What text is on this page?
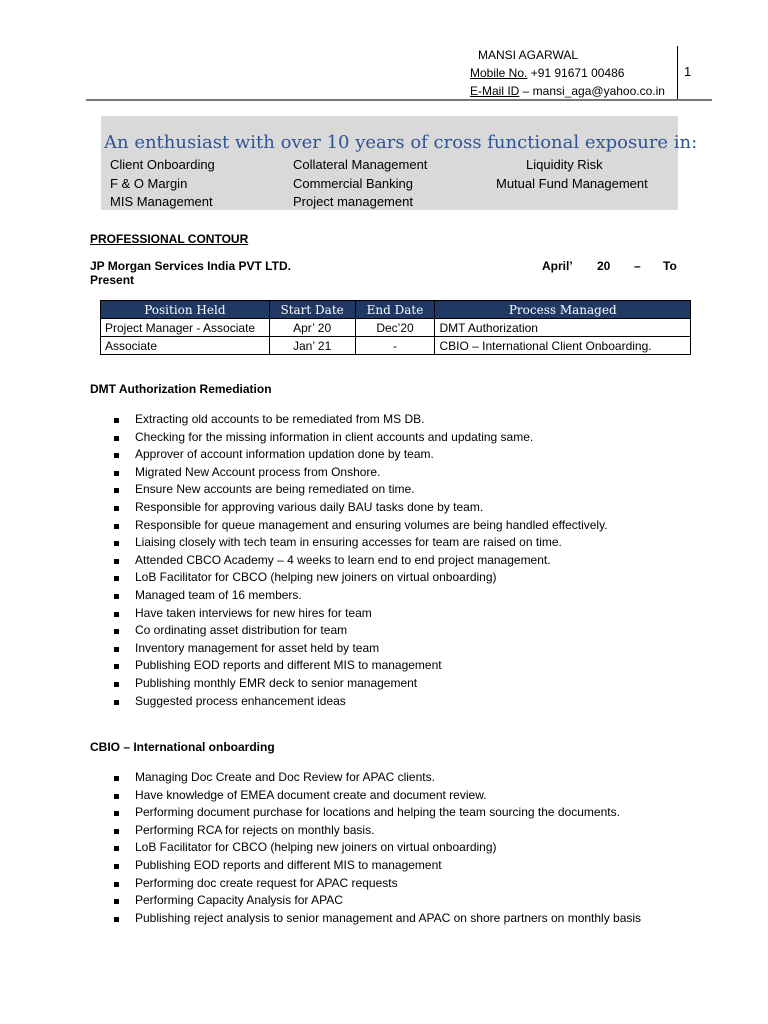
MANSI AGARWAL
Mobile No. +91 91671 00486
E-Mail ID – mansi_aga@yahoo.co.in
1
An enthusiast with over 10 years of cross functional exposure in:
Client Onboarding	Collateral Management	Liquidity Risk
F & O Margin	Commercial Banking	Mutual Fund Management
MIS Management	Project management
PROFESSIONAL CONTOUR
JP Morgan Services India PVT LTD.
Present
April’ 20 – To
Position Held	Start Date	End Date	Process Managed
Project Manager - Associate	Apr’ 20	Dec’20	DMT Authorization
Associate	Jan’ 21	-	CBIO – International Client Onboarding.
DMT Authorization Remediation
Extracting old accounts to be remediated from MS DB.
Checking for the missing information in client accounts and updating same.
Approver of account information updation done by team.
Migrated New Account process from Onshore.
Ensure New accounts are being remediated on time.
Responsible for approving various daily BAU tasks done by team.
Responsible for queue management and ensuring volumes are being handled effectively.
Liaising closely with tech team in ensuring accesses for team are raised on time.
Attended CBCO Academy – 4 weeks to learn end to end project management.
LoB Facilitator for CBCO (helping new joiners on virtual onboarding)
Managed team of 16 members.
Have taken interviews for new hires for team
Co ordinating asset distribution for team
Inventory management for asset held by team
Publishing EOD reports and different MIS to management
Publishing monthly EMR deck to senior management
Suggested process enhancement ideas
CBIO – International onboarding
Managing Doc Create and Doc Review for APAC clients.
Have knowledge of EMEA document create and document review.
Performing document purchase for locations and helping the team sourcing the documents.
Performing RCA for rejects on monthly basis.
LoB Facilitator for CBCO (helping new joiners on virtual onboarding)
Publishing EOD reports and different MIS to management
Performing doc create request for APAC requests
Performing Capacity Analysis for APAC
Publishing reject analysis to senior management and APAC on shore partners on monthly basis
